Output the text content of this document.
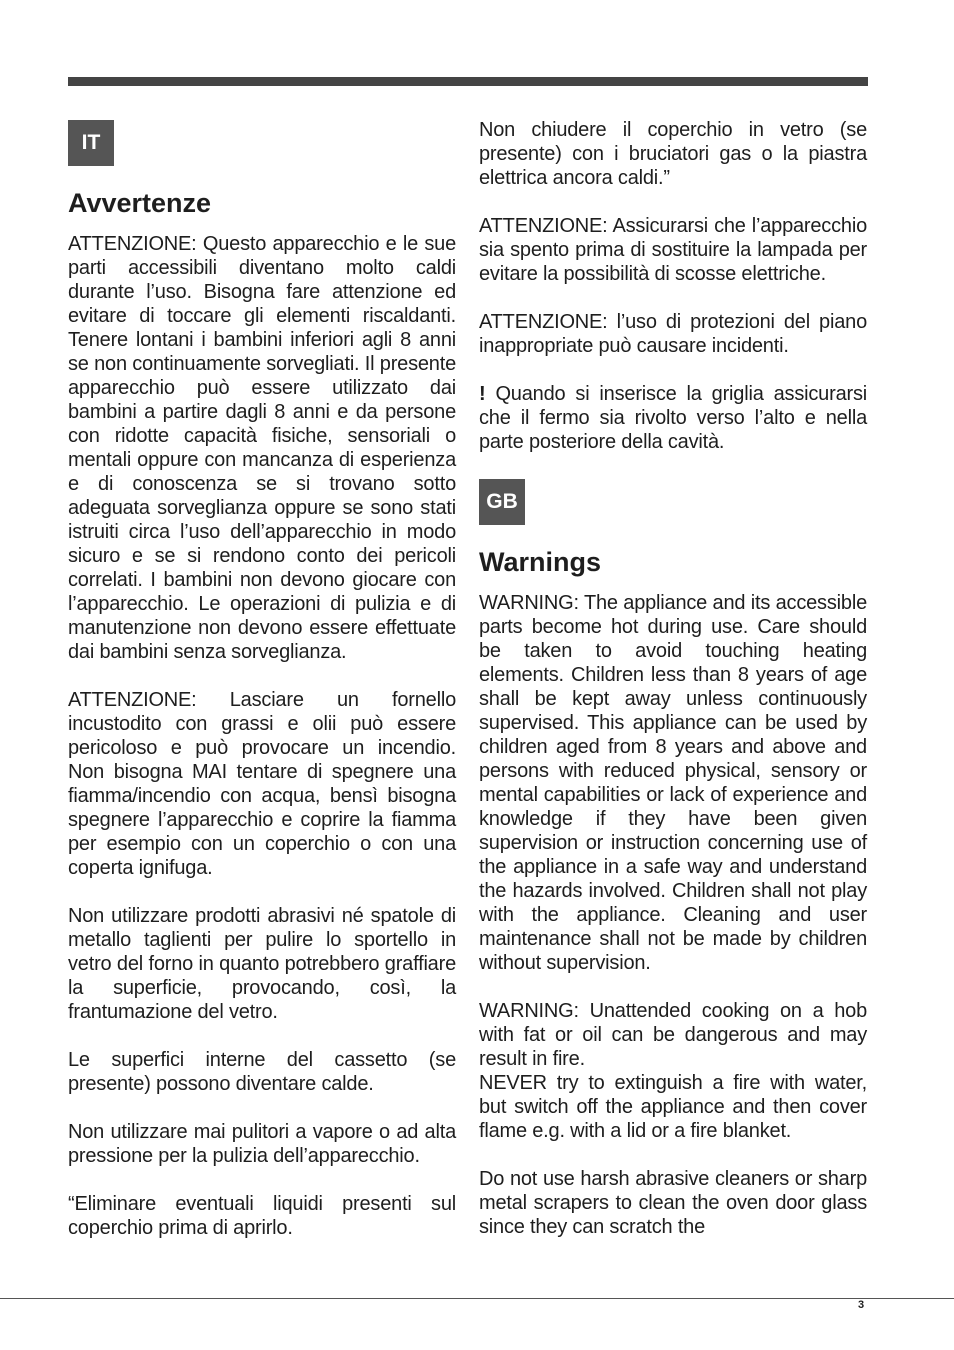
IT
Avvertenze

ATTENZIONE: Questo apparecchio e le sue parti accessibili diventano molto caldi durante l’uso. Bisogna fare attenzione ed evitare di toccare gli elementi riscaldanti. Tenere lontani i bambini inferiori agli 8 anni se non continuamente sorvegliati. Il presente apparecchio può essere utilizzato dai bambini a partire dagli 8 anni e da persone con ridotte capacità fisiche, sensoriali o mentali oppure con mancanza di esperienza e di conoscenza se si trovano sotto adeguata sorveglianza oppure se sono stati istruiti circa l’uso dell’apparecchio in modo sicuro e se si rendono conto dei pericoli correlati. I bambini non devono giocare con l’apparecchio. Le operazioni di pulizia e di manutenzione non devono essere effettuate dai bambini senza sorveglianza.

ATTENZIONE: Lasciare un fornello incustodito con grassi e olii può essere pericoloso e può provocare un incendio. Non bisogna MAI tentare di spegnere una fiamma/incendio con acqua, bensì bisogna spegnere l’apparecchio e coprire la fiamma per esempio con un coperchio o con una coperta ignifuga.

Non utilizzare prodotti abrasivi né spatole di metallo taglienti per pulire lo sportello in vetro del forno in quanto potrebbero graffiare la superficie, provocando, così, la frantumazione del vetro.

Le superfici interne del cassetto (se presente) possono diventare calde.

Non utilizzare mai pulitori a vapore o ad alta pressione per la pulizia dell’apparecchio.

“Eliminare eventuali liquidi presenti sul coperchio prima di aprirlo.

Non chiudere il coperchio in vetro (se presente) con i bruciatori gas o la piastra elettrica ancora caldi.”

ATTENZIONE: Assicurarsi che l’apparecchio sia spento prima di sostituire la lampada per evitare la possibilità di scosse elettriche.

ATTENZIONE: l’uso di protezioni del piano inappropriate può causare incidenti.

! Quando si inserisce la griglia assicurarsi che il fermo sia rivolto verso l’alto e nella parte posteriore della cavità.

GB
Warnings

WARNING: The appliance and its accessible parts become hot during use. Care should be taken to avoid touching heating elements. Children less than 8 years of age shall be kept away unless continuously supervised. This appliance can be used by children aged from 8 years and above and persons with reduced physical, sensory or mental capabilities or lack of experience and knowledge if they have been given supervision or instruction concerning use of the appliance in a safe way and understand the hazards involved. Children shall not play with the appliance. Cleaning and user maintenance shall not be made by children without supervision.

WARNING: Unattended cooking on a hob with fat or oil can be dangerous and may result in fire.

NEVER try to extinguish a fire with water, but switch off the appliance and then cover flame e.g. with a lid or a fire blanket.

Do not use harsh abrasive cleaners or sharp metal scrapers to clean the oven door glass since they can scratch the

3
